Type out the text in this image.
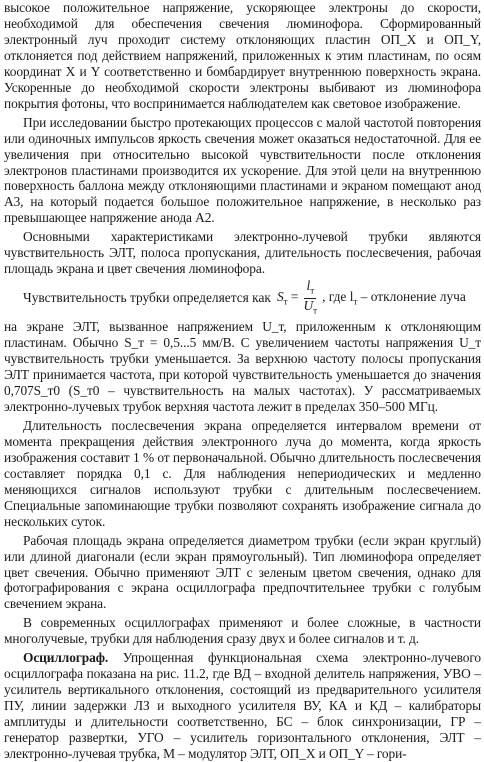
высокое положительное напряжение, ускоряющее электроны до скорости, необходимой для обеспечения свечения люминофора. Сформированный электронный луч проходит систему отклоняющих пластин ОП_X и ОП_Y, отклоняется под действием напряжений, приложенных к этим пластинам, по осям координат X и Y соответственно и бомбардирует внутреннюю поверхность экрана. Ускоренные до необходимой скорости электроны выбивают из люминофора покрытия фотоны, что воспринимается наблюдателем как световое изображение.

При исследовании быстро протекающих процессов с малой частотой повторения или одиночных импульсов яркость свечения может оказаться недостаточной. Для ее увеличения при относительно высокой чувствительности после отклонения электронов пластинами производится их ускорение. Для этой цели на внутреннюю поверхность баллона между отклоняющими пластинами и экраном помещают анод А3, на который подается большое положительное напряжение, в несколько раз превышающее напряжение анода А2.

Основными характеристиками электронно-лучевой трубки являются чувствительность ЭЛТ, полоса пропускания, длительность послесвечения, рабочая площадь экрана и цвет свечения люминофора.

Чувствительность трубки определяется как $S_т = \frac{l_т}{U_т}$ , где $l_т$ – отклонение луча

на экране ЭЛТ, вызванное напряжением U_т, приложенным к отклоняющим пластинам. Обычно S_т = 0,5...5 мм/В. С увеличением частоты напряжения U_т чувствительность трубки уменьшается. За верхнюю частоту полосы пропускания ЭЛТ принимается частота, при которой чувствительность уменьшается до значения 0,707S_т0 (S_т0 – чувствительность на малых частотах). У рассматриваемых электронно-лучевых трубок верхняя частота лежит в пределах 350–500 МГц.

Длительность послесвечения экрана определяется интервалом времени от момента прекращения действия электронного луча до момента, когда яркость изображения составит 1 % от первоначальной. Обычно длительность послесвечения составляет порядка 0,1 с. Для наблюдения непериодических и медленно меняющихся сигналов используют трубки с длительным послесвечением. Специальные запоминающие трубки позволяют сохранять изображение сигнала до нескольких суток.

Рабочая площадь экрана определяется диаметром трубки (если экран круглый) или длиной диагонали (если экран прямоугольный). Тип люминофора определяет цвет свечения. Обычно применяют ЭЛТ с зеленым цветом свечения, однако для фотографирования с экрана осциллографа предпочтительнее трубки с голубым свечением экрана.

В современных осциллографах применяют и более сложные, в частности многолучевые, трубки для наблюдения сразу двух и более сигналов и т. д.

Осциллограф. Упрощенная функциональная схема электронно-лучевого осциллографа показана на рис. 11.2, где ВД – входной делитель напряжения, УВО – усилитель вертикального отклонения, состоящий из предварительного усилителя ПУ, линии задержки ЛЗ и выходного усилителя ВУ, КА и КД – калибраторы амплитуды и длительности соответственно, БС – блок синхронизации, ГР – генератор развертки, УГО – усилитель горизонтального отклонения, ЭЛТ – электронно-лучевая трубка, М – модулятор ЭЛТ, ОП_X и ОП_Y – гори-
